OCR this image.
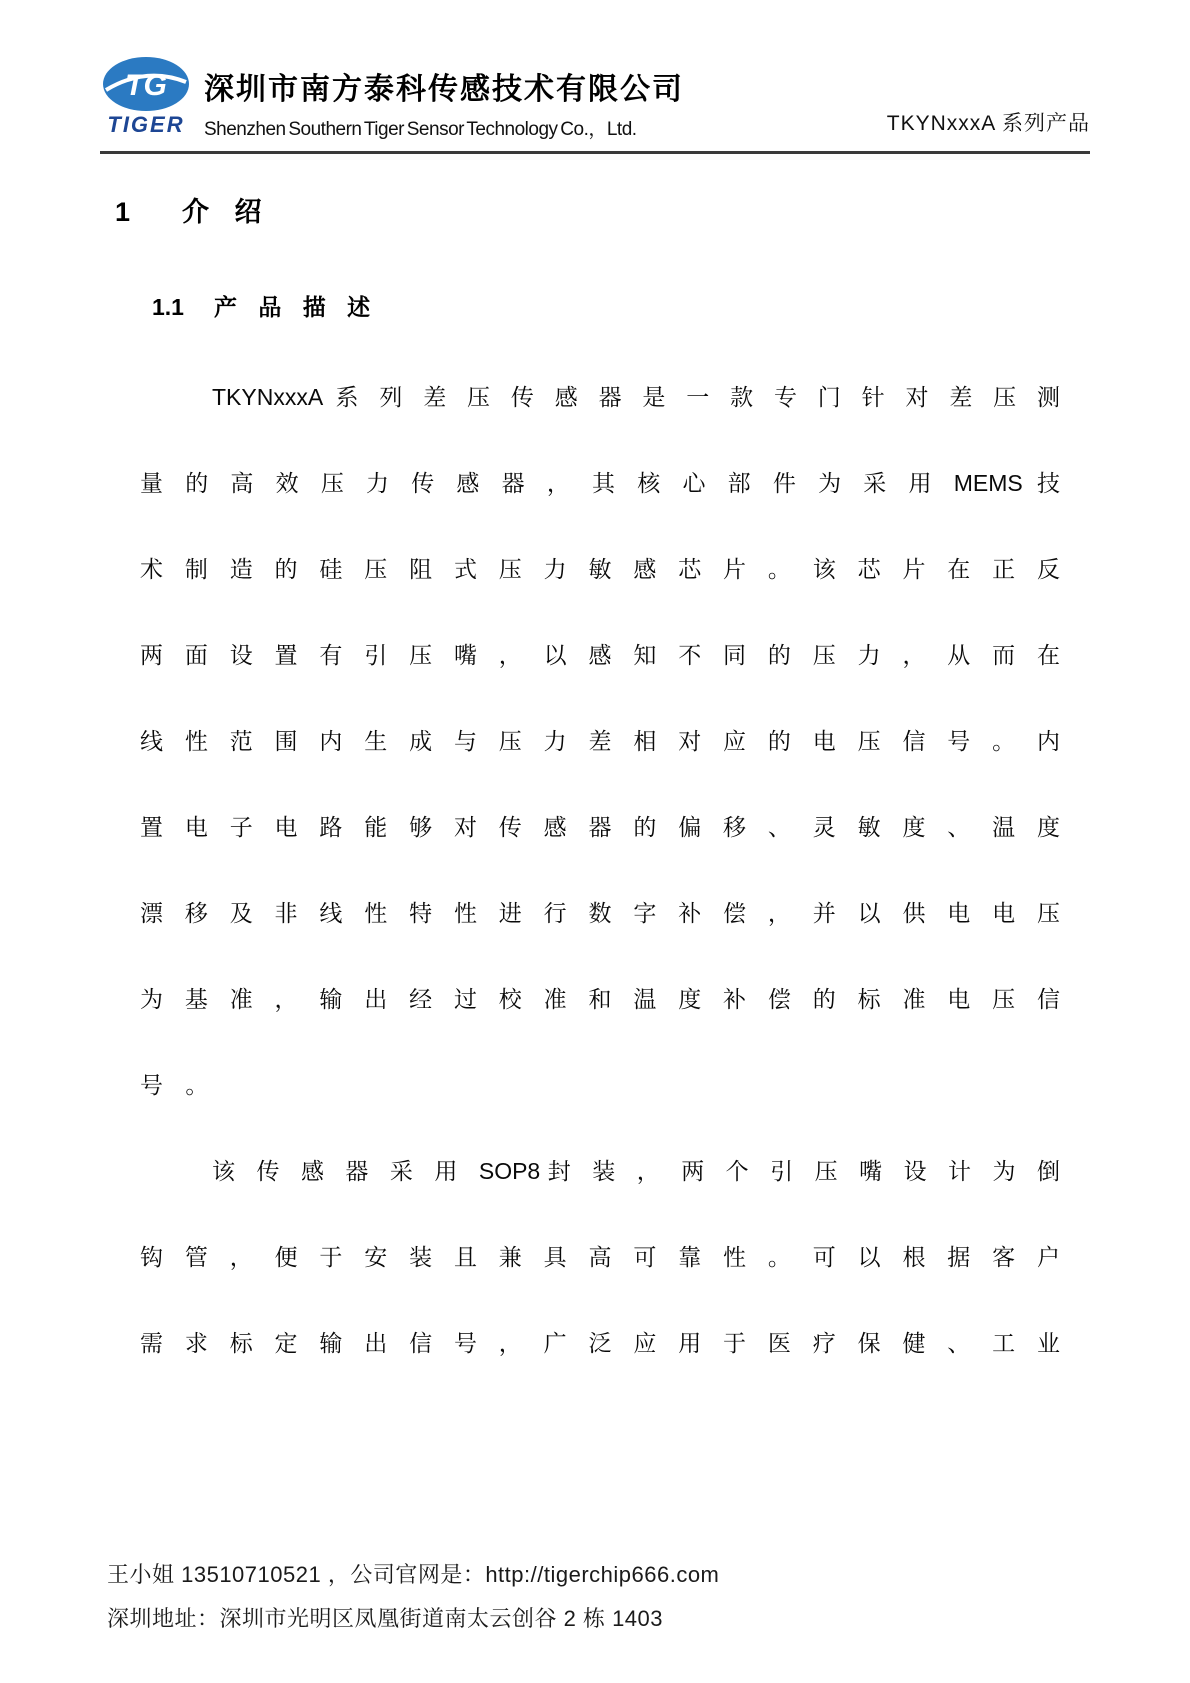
TG
TIGER
深圳市南方泰科传感技术有限公司
Shenzhen Southern Tiger Sensor Technology Co.，Ltd.	TKYNxxxA 系列产品
1 介 绍
1.1 产 品 描 述
TKYNxxxA 系 列 差 压 传 感 器 是 一 款 专 门 针 对 差 压 测
量 的 高 效 压 力 传 感 器 ， 其 核 心 部 件 为 采 用 MEMS 技
术 制 造 的 硅 压 阻 式 压 力 敏 感 芯 片 。 该 芯 片 在 正 反
两 面 设 置 有 引 压 嘴 ， 以 感 知 不 同 的 压 力 ， 从 而 在
线 性 范 围 内 生 成 与 压 力 差 相 对 应 的 电 压 信 号 。 内
置 电 子 电 路 能 够 对 传 感 器 的 偏 移 、 灵 敏 度 、 温 度
漂 移 及 非 线 性 特 性 进 行 数 字 补 偿 ， 并 以 供 电 电 压
为 基 准 ， 输 出 经 过 校 准 和 温 度 补 偿 的 标 准 电 压 信
号 。
该 传 感 器 采 用 SOP8封 装 ， 两 个 引 压 嘴 设 计 为 倒
钩 管 ， 便 于 安 装 且 兼 具 高 可 靠 性 。 可 以 根 据 客 户
需 求 标 定 输 出 信 号 ， 广 泛 应 用 于 医 疗 保 健 、 工 业
王小姐 13510710521 ，公司官网是：http://tigerchip666.com
深圳地址：深圳市光明区凤凰街道南太云创谷 2 栋 1403
